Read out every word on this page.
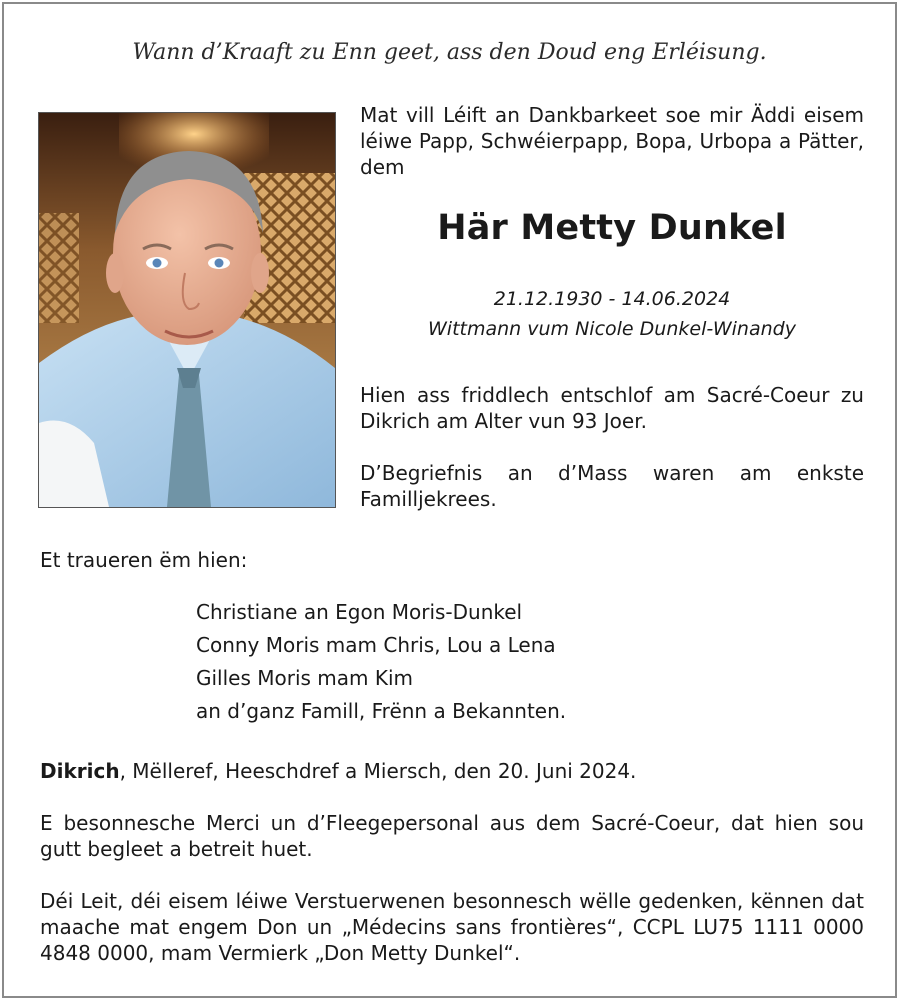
Wann d’Kraaft zu Enn geet, ass den Doud eng Erléisung.
Mat vill Léift an Dankbarkeet soe mir Äddi eisem léiwe Papp, Schwéierpapp, Bopa, Urbopa a Pätter, dem
Här Metty Dunkel
21.12.1930 - 14.06.2024
Wittmann vum Nicole Dunkel-Winandy
Hien ass friddlech entschlof am Sacré-Coeur zu Dikrich am Alter vun 93 Joer.
D’Begriefnis an d’Mass waren am enkste Familljekrees.
Et traueren ëm hien:
Christiane an Egon Moris-Dunkel
Conny Moris mam Chris, Lou a Lena
Gilles Moris mam Kim
an d’ganz Famill, Frënn a Bekannten.
Dikrich, Mëlleref, Heeschdref a Miersch, den 20. Juni 2024.
E besonnesche Merci un d’Fleegepersonal aus dem Sacré-Coeur, dat hien sou gutt begleet a betreit huet.
Déi Leit, déi eisem léiwe Verstuerwenen besonnesch wëlle gedenken, kënnen dat maache mat engem Don un „Médecins sans frontières“, CCPL LU75 1111 0000 4848 0000, mam Vermierk „Don Metty Dunkel“.
